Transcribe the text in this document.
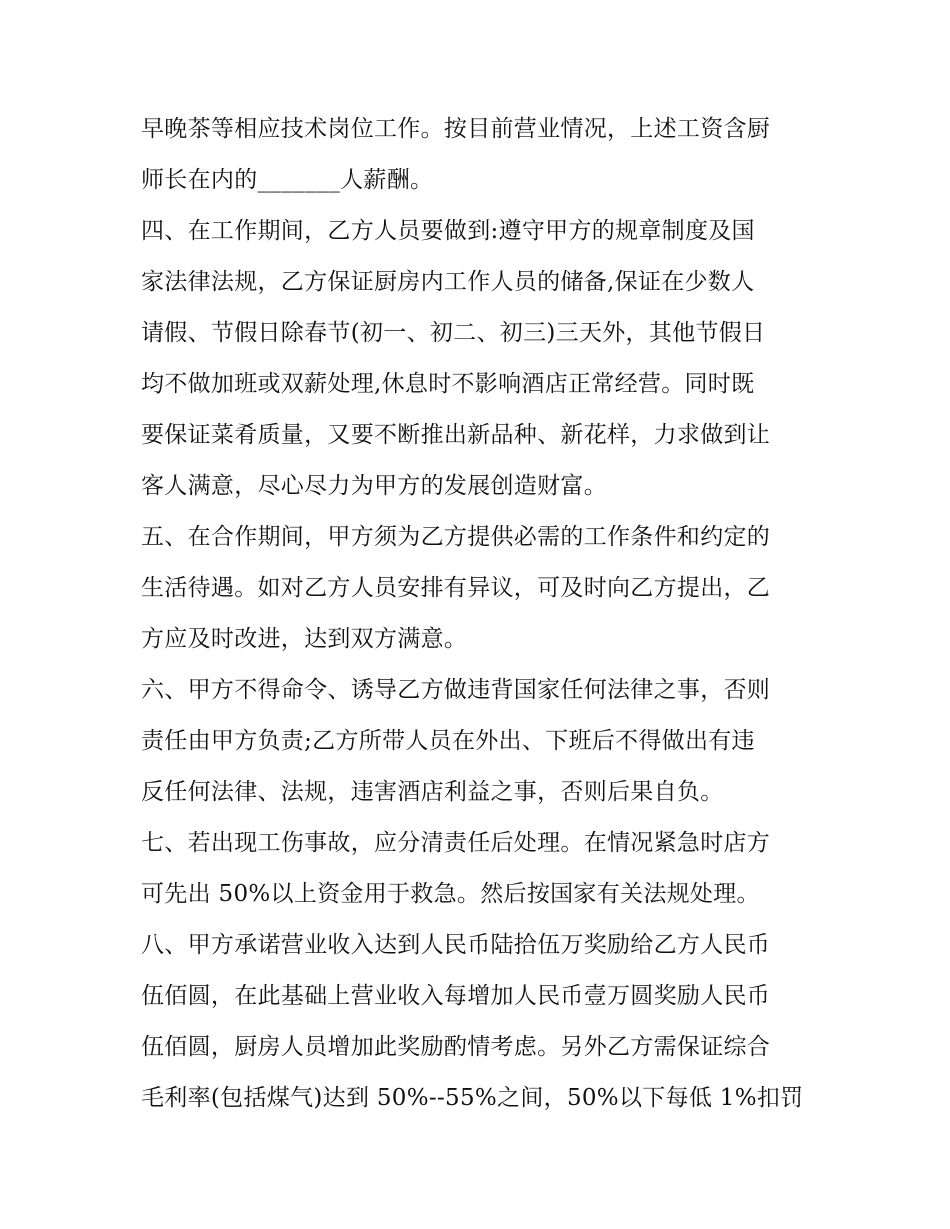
早晚茶等相应技术岗位工作。按目前营业情况，上述工资含厨
师长在内的_______人薪酬。
四、在工作期间，乙方人员要做到:遵守甲方的规章制度及国
家法律法规，乙方保证厨房内工作人员的储备,保证在少数人
请假、节假日除春节(初一、初二、初三)三天外，其他节假日
均不做加班或双薪处理,休息时不影响酒店正常经营。同时既
要保证菜肴质量，又要不断推出新品种、新花样，力求做到让
客人满意，尽心尽力为甲方的发展创造财富。
五、在合作期间，甲方须为乙方提供必需的工作条件和约定的
生活待遇。如对乙方人员安排有异议，可及时向乙方提出，乙
方应及时改进，达到双方满意。
六、甲方不得命令、诱导乙方做违背国家任何法律之事，否则
责任由甲方负责;乙方所带人员在外出、下班后不得做出有违
反任何法律、法规，违害酒店利益之事，否则后果自负。
七、若出现工伤事故，应分清责任后处理。在情况紧急时店方
可先出 50%以上资金用于救急。然后按国家有关法规处理。
八、甲方承诺营业收入达到人民币陆拾伍万奖励给乙方人民币
伍佰圆，在此基础上营业收入每增加人民币壹万圆奖励人民币
伍佰圆，厨房人员增加此奖励酌情考虑。另外乙方需保证综合
毛利率(包括煤气)达到 50%--55%之间，50%以下每低 1%扣罚
